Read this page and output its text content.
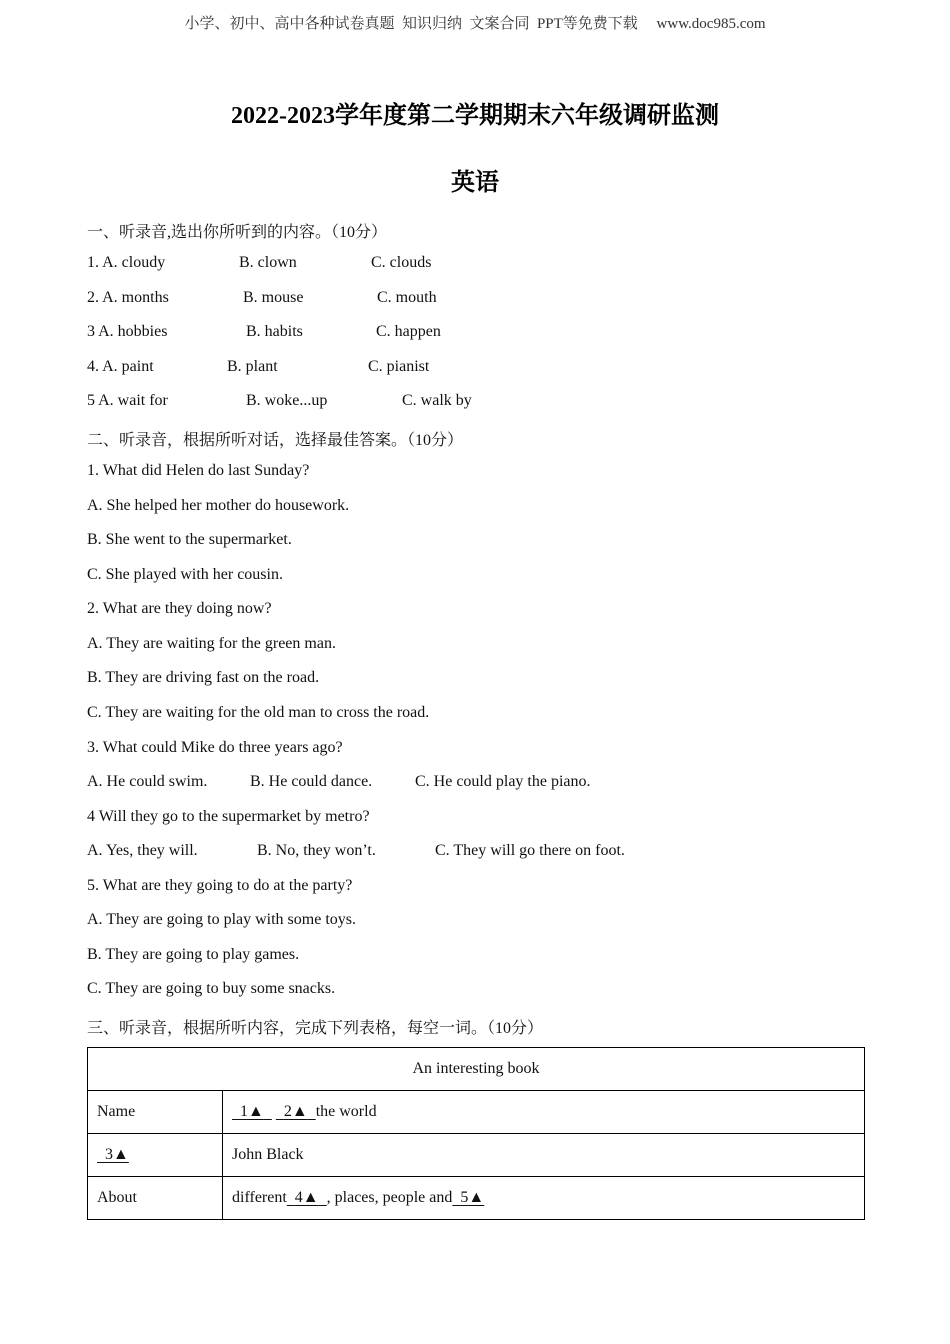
小学、初中、高中各种试卷真题  知识归纳  文案合同  PPT等免费下载     www.doc985.com
2022-2023学年度第二学期期末六年级调研监测
英语
一、听录音,选出你所听到的内容。（10分）
1. A. cloudy	B. clown	C. clouds
2. A. months	B. mouse	C. mouth
3 A. hobbies	B. habits	C. happen
4. A. paint	B. plant	C. pianist
5 A. wait for	B. woke...up	C. walk by
二、听录音，根据所听对话，选择最佳答案。（10分）
1. What did Helen do last Sunday?
A. She helped her mother do housework.
B. She went to the supermarket.
C. She played with her cousin.
2. What are they doing now?
A. They are waiting for the green man.
B. They are driving fast on the road.
C. They are waiting for the old man to cross the road.
3. What could Mike do three years ago?
A. He could swim.	B. He could dance.	C. He could play the piano.
4 Will they go to the supermarket by metro?
A. Yes, they will.	B. No, they won’t.	C. They will go there on foot.
5. What are they going to do at the party?
A. They are going to play with some toys.
B. They are going to play games.
C. They are going to buy some snacks.
三、听录音，根据所听内容，完成下列表格，每空一词。（10分）
An interesting book	
Name	1▲ 2▲ the world
3▲	John Black
About	different 4▲ , places, people and 5▲
